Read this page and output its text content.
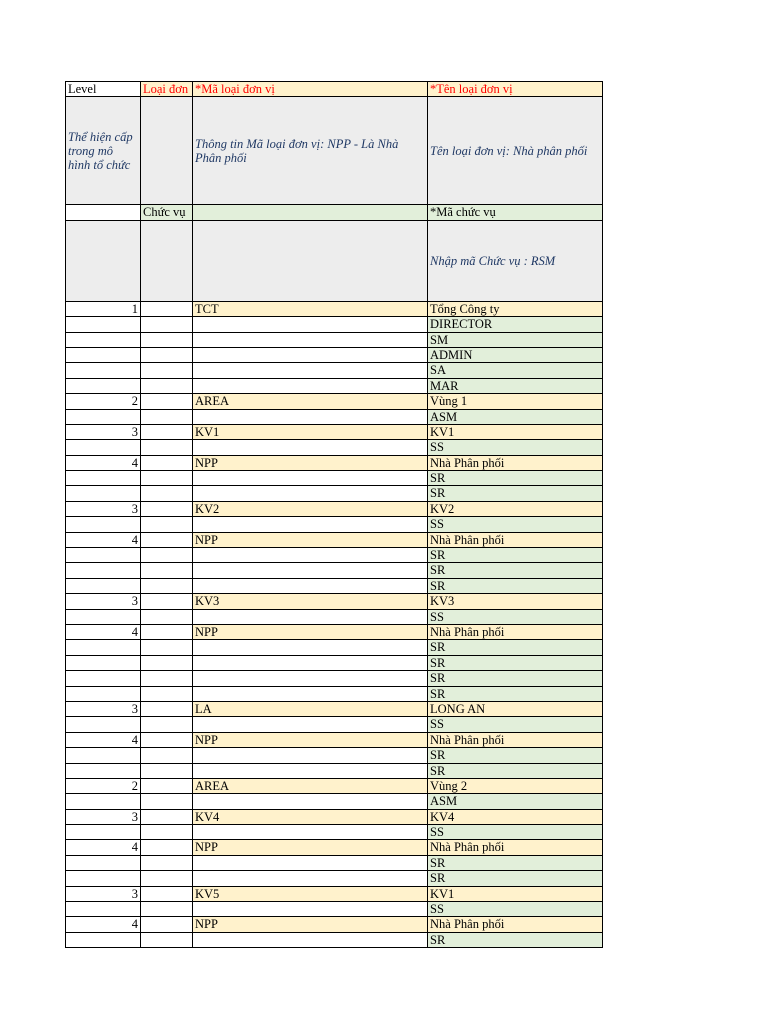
Level	Loại đơn	*Mã loại đơn vị	*Tên loại đơn vị
Thể hiện cấp trong mô hình tổ chức		Thông tin Mã loại đơn vị: NPP - Là Nhà Phân phối	Tên loại đơn vị: Nhà phân phối
	Chức vụ		*Mã chức vụ
			Nhập mã Chức vụ : RSM
1		TCT	Tổng Công ty
			DIRECTOR
			SM
			ADMIN
			SA
			MAR
2		AREA	Vùng 1
			ASM
3		KV1	KV1
			SS
4		NPP	Nhà Phân phối
			SR
			SR
3		KV2	KV2
			SS
4		NPP	Nhà Phân phối
			SR
			SR
			SR
3		KV3	KV3
			SS
4		NPP	Nhà Phân phối
			SR
			SR
			SR
			SR
3		LA	LONG AN
			SS
4		NPP	Nhà Phân phối
			SR
			SR
2		AREA	Vùng 2
			ASM
3		KV4	KV4
			SS
4		NPP	Nhà Phân phối
			SR
			SR
3		KV5	KV1
			SS
4		NPP	Nhà Phân phối
			SR
